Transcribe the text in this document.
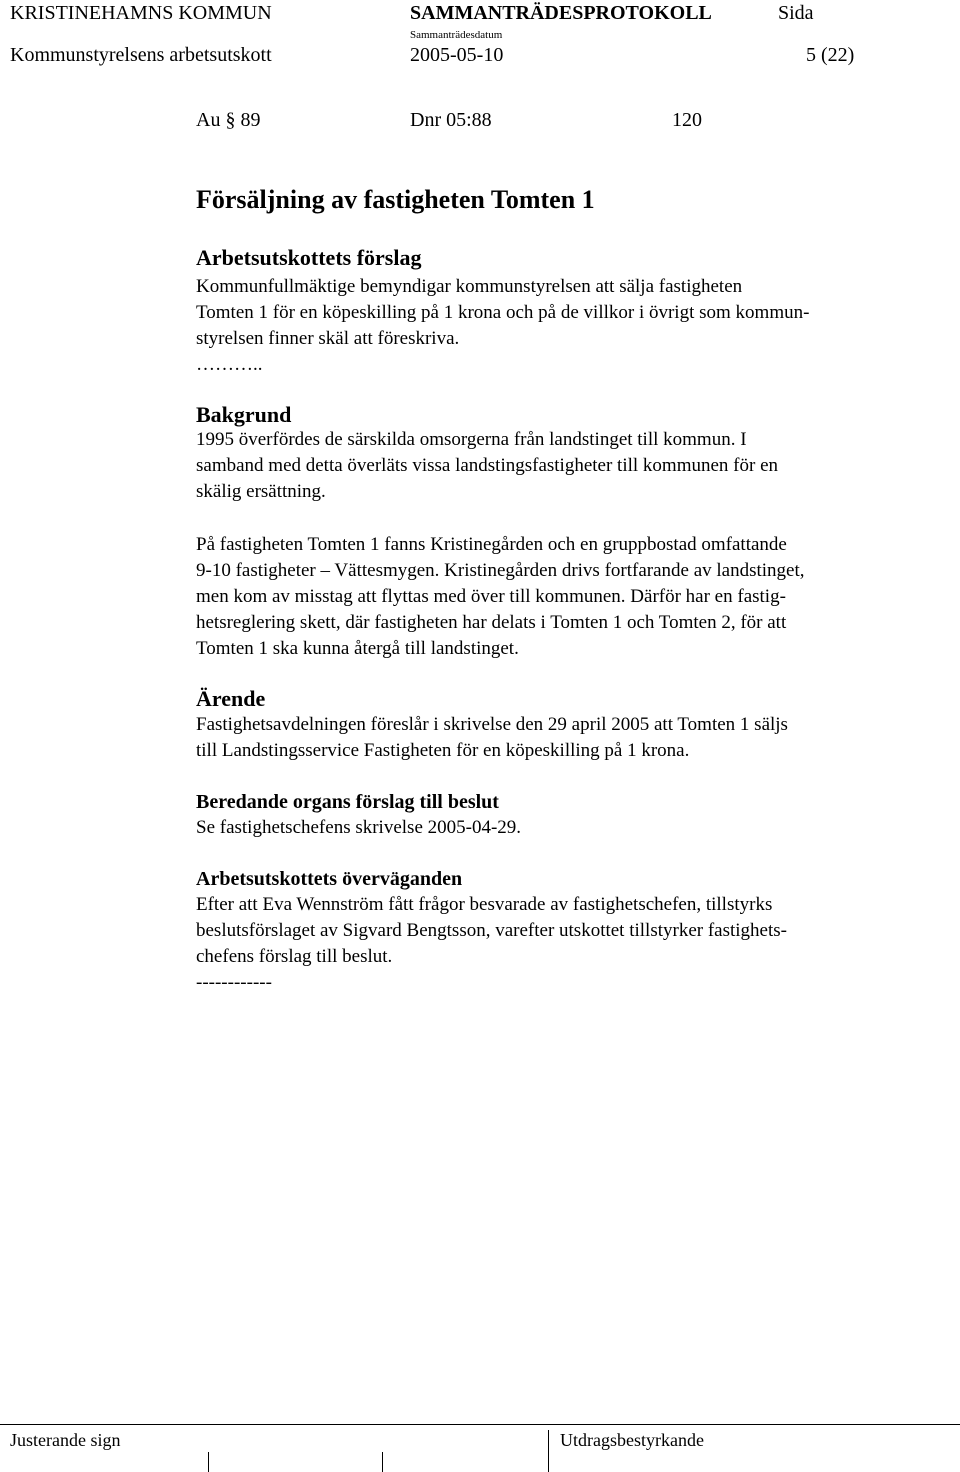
KRISTINEHAMNS KOMMUN	SAMMANTRÄDESPROTOKOLL	Sida
Sammanträdesdatum
Kommunstyrelsens arbetsutskott	2005-05-10	5 (22)
Au § 89	Dnr 05:88	120
Försäljning av fastigheten Tomten 1
Arbetsutskottets förslag
Kommunfullmäktige bemyndigar kommunstyrelsen att sälja fastigheten
Tomten 1 för en köpeskilling på 1 krona och på de villkor i övrigt som kommun-
styrelsen finner skäl att föreskriva.
………..
Bakgrund
1995 överfördes de särskilda omsorgerna från landstinget till kommun. I
samband med detta överläts vissa landstingsfastigheter till kommunen för en
skälig ersättning.
På fastigheten Tomten 1 fanns Kristinegården och en gruppbostad omfattande
9-10 fastigheter – Vättesmygen. Kristinegården drivs fortfarande av landstinget,
men kom av misstag att flyttas med över till kommunen. Därför har en fastig-
hetsreglering skett, där fastigheten har delats i Tomten 1 och Tomten 2, för att
Tomten 1 ska kunna återgå till landstinget.
Ärende
Fastighetsavdelningen föreslår i skrivelse den 29 april 2005 att Tomten 1 säljs
till Landstingsservice Fastigheten för en köpeskilling på 1 krona.
Beredande organs förslag till beslut
Se fastighetschefens skrivelse 2005-04-29.
Arbetsutskottets överväganden
Efter att Eva Wennström fått frågor besvarade av fastighetschefen, tillstyrks
beslutsförslaget av Sigvard Bengtsson, varefter utskottet tillstyrker fastighets-
chefens förslag till beslut.
------------
Justerande sign	Utdragsbestyrkande
